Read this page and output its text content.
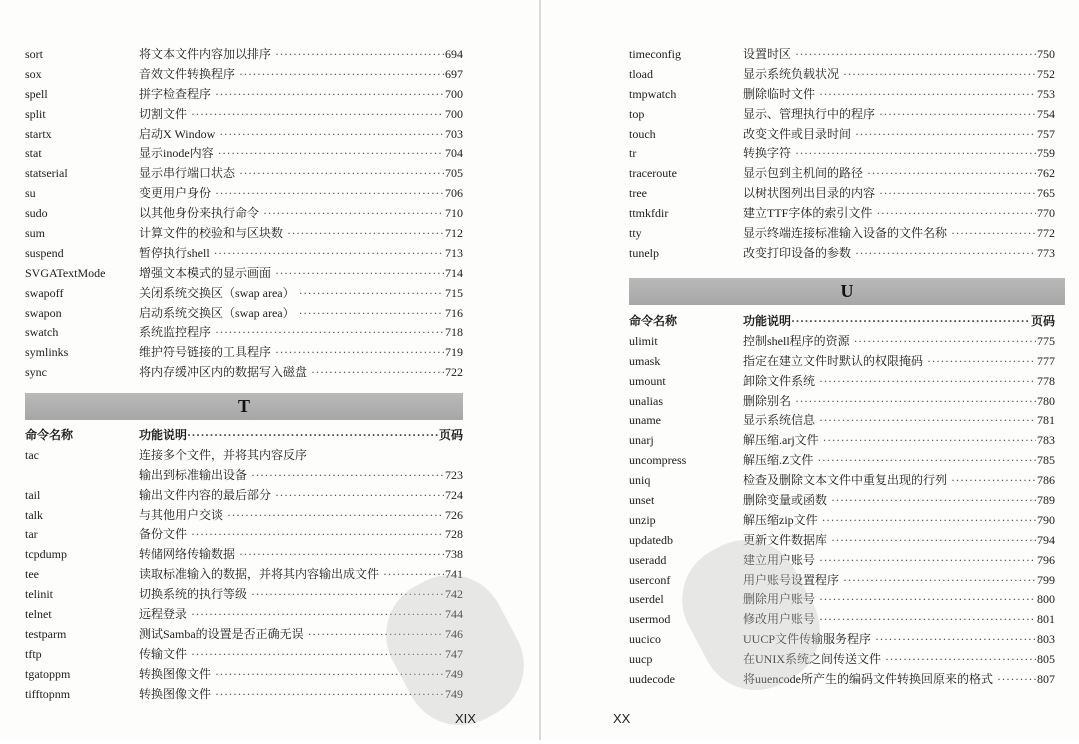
sort	将文本文件内容加以排序 ·····	694
sox	音效文件转换程序 ·····	697
spell	拼字检查程序 ·····	700
split	切割文件 ·····	700
startx	启动X Window ·····	703
stat	显示inode内容 ·····	704
statserial	显示串行端口状态 ·····	705
su	变更用户身份 ·····	706
sudo	以其他身份来执行命令 ·····	710
sum	计算文件的校验和与区块数 ·····	712
suspend	暂停执行shell ·····	713
SVGATextMode	增强文本模式的显示画面 ·····	714
swapoff	关闭系统交换区（swap area） ·····	715
swapon	启动系统交换区（swap area） ·····	716
swatch	系统监控程序 ·····	718
symlinks	维护符号链接的工具程序 ·····	719
sync	将内存缓冲区内的数据写入磁盘 ·····	722
T
命令名称	功能说明 ·····	页码
tac	连接多个文件，并将其内容反序
输出到标准输出设备 ·····	723
tail	输出文件内容的最后部分 ·····	724
talk	与其他用户交谈 ·····	726
tar	备份文件 ·····	728
tcpdump	转储网络传输数据 ·····	738
tee	读取标准输入的数据，并将其内容输出成文件 ·····	741
telinit	切换系统的执行等级 ·····	742
telnet	远程登录 ·····	744
testparm	测试Samba的设置是否正确无误 ·····	746
tftp	传输文件 ·····	747
tgatoppm	转换图像文件 ·····	749
tifftopnm	转换图像文件 ·····	749
XIX
timeconfig	设置时区 ·····	750
tload	显示系统负载状况 ·····	752
tmpwatch	删除临时文件 ·····	753
top	显示、管理执行中的程序 ·····	754
touch	改变文件或目录时间 ·····	757
tr	转换字符 ·····	759
traceroute	显示包到主机间的路径 ·····	762
tree	以树状图列出目录的内容 ·····	765
ttmkfdir	建立TTF字体的索引文件 ·····	770
tty	显示终端连接标准输入设备的文件名称 ·····	772
tunelp	改变打印设备的参数 ·····	773
U
命令名称	功能说明 ·····	页码
ulimit	控制shell程序的资源 ·····	775
umask	指定在建立文件时默认的权限掩码 ·····	777
umount	卸除文件系统 ·····	778
unalias	删除别名 ·····	780
uname	显示系统信息 ·····	781
unarj	解压缩.arj文件 ·····	783
uncompress	解压缩.Z文件 ·····	785
uniq	检查及删除文本文件中重复出现的行列 ·····	786
unset	删除变量或函数 ·····	789
unzip	解压缩zip文件 ·····	790
updatedb	更新文件数据库 ·····	794
useradd	建立用户账号 ·····	796
userconf	用户账号设置程序 ·····	799
userdel	删除用户账号 ·····	800
usermod	修改用户账号 ·····	801
uucico	UUCP文件传输服务程序 ·····	803
uucp	在UNIX系统之间传送文件 ·····	805
uudecode	将uuencode所产生的编码文件转换回原来的格式 ·····	807
XX
